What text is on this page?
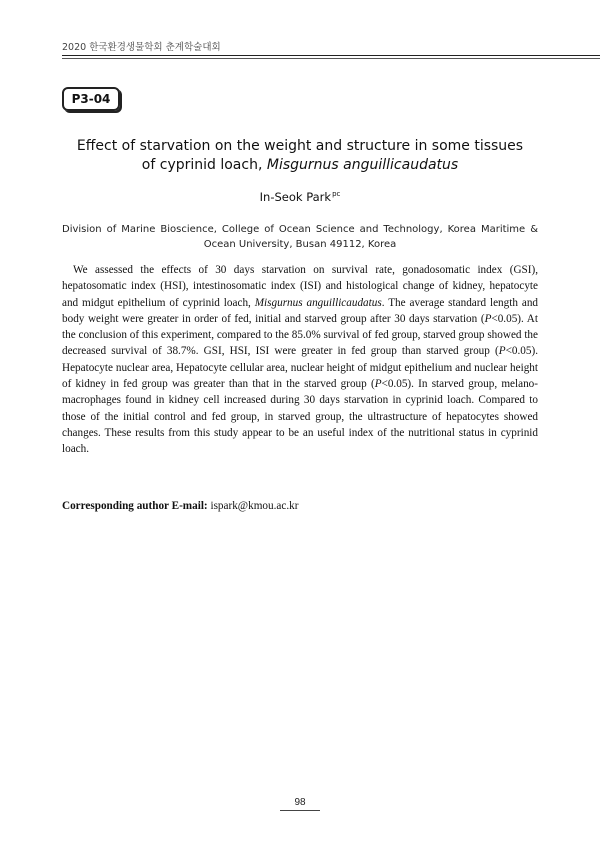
2020 한국환경생물학회 춘계학술대회
P3-04
Effect of starvation on the weight and structure in some tissues
of cyprinid loach, Misgurnus anguillicaudatus
In-Seok Park$^{pc}$
Division of Marine Bioscience, College of Ocean Science and Technology, Korea Maritime & Ocean University, Busan 49112, Korea

We assessed the effects of 30 days starvation on survival rate, gonadosomatic index (GSI), hepatosomatic index (HSI), intestinosomatic index (ISI) and histological change of kidney, hepatocyte and midgut epithelium of cyprinid loach, Misgurnus anguillicaudatus. The average standard length and body weight were greater in order of fed, initial and starved group after 30 days starvation (P<0.05). At the conclusion of this experiment, compared to the 85.0% survival of fed group, starved group showed the decreased survival of 38.7%. GSI, HSI, ISI were greater in fed group than starved group (P<0.05). Hepatocyte nuclear area, Hepatocyte cellular area, nuclear height of midgut epithelium and nuclear height of kidney in fed group was greater than that in the starved group (P<0.05). In starved group, melano-macrophages found in kidney cell increased during 30 days starvation in cyprinid loach. Compared to those of the initial control and fed group, in starved group, the ultrastructure of hepatocytes showed changes. These results from this study appear to be an useful index of the nutritional status in cyprinid loach.

Corresponding author E-mail: ispark@kmou.ac.kr
98
